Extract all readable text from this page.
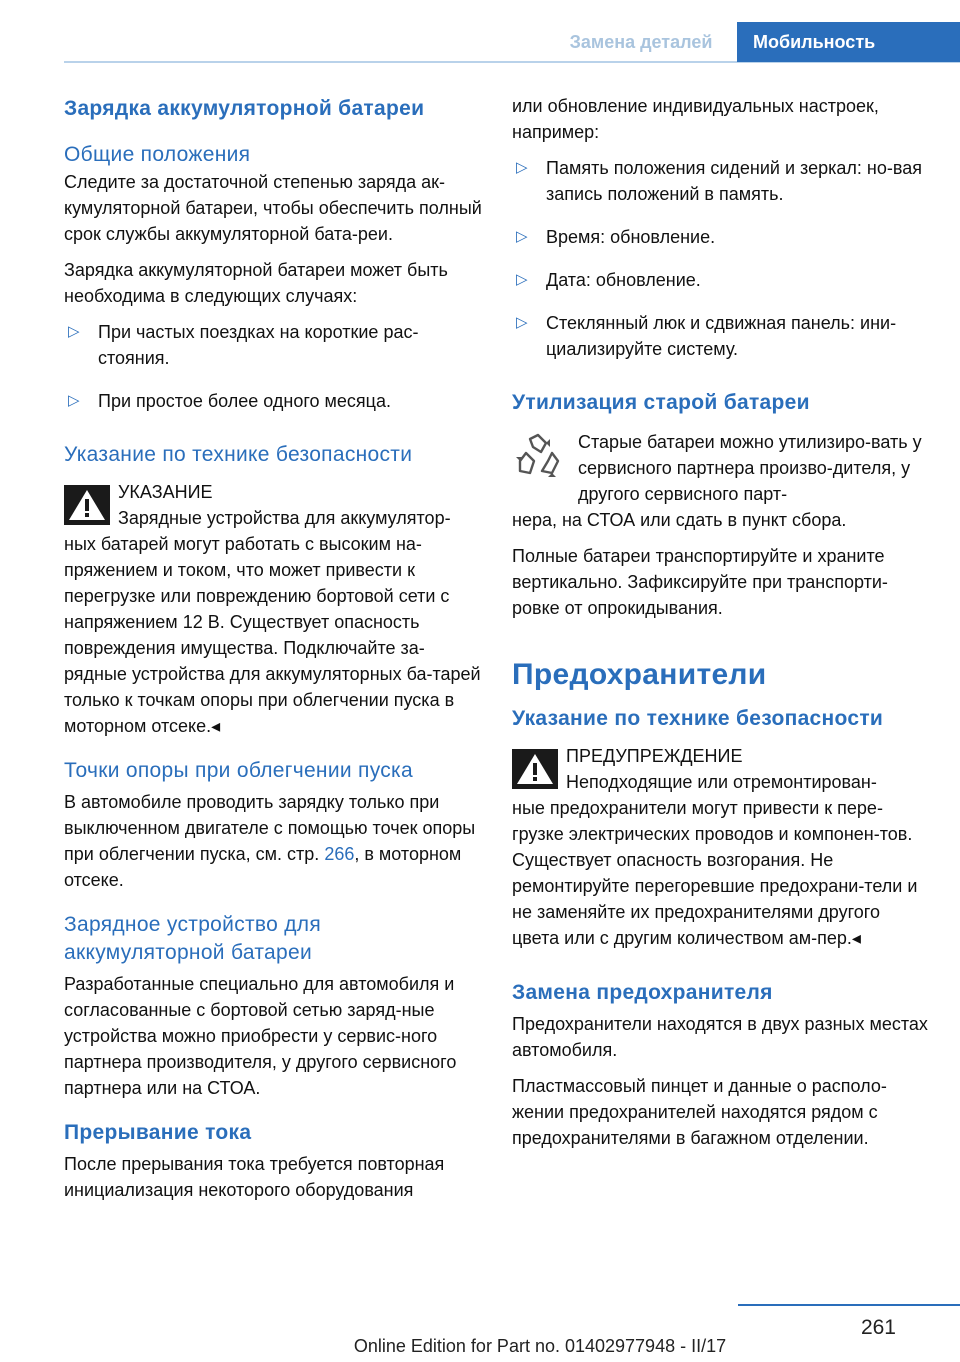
Замена деталей	Мобильность
Зарядка аккумуляторной батареи
Общие положения

Следите за достаточной степенью заряда ак-кумуляторной батареи, чтобы обеспечить полный срок службы аккумуляторной бата-реи.

Зарядка аккумуляторной батареи может быть необходима в следующих случаях:

▷ При частых поездках на короткие рас-стояния.
▷ При простое более одного месяца.
Указание по технике безопасности

УКАЗАНИЕ

Зарядные устройства для аккумулятор-

ных батарей могут работать с высоким на-пряжением и током, что может привести к перегрузке или повреждению бортовой сети с напряжением 12 В. Существует опасность повреждения имущества. Подключайте за-рядные устройства для аккумуляторных ба-тарей только к точкам опоры при облегчении пуска в моторном отсеке.◂

Точки опоры при облегчении пуска

В автомобиле проводить зарядку только при выключенном двигателе с помощью точек опоры при облегчении пуска, см. стр. 266, в моторном отсеке.

Зарядное устройство для аккумуляторной батареи

Разработанные специально для автомобиля и согласованные с бортовой сетью заряд-ные устройства можно приобрести у сервис-ного партнера производителя, у другого сервисного партнера или на СТОА.

Прерывание тока

После прерывания тока требуется повторная инициализация некоторого оборудования

или обновление индивидуальных настроек, например:

▷ Память положения сидений и зеркал: но-вая запись положений в память.
▷ Время: обновление.
▷ Дата: обновление.
▷ Стеклянный люк и сдвижная панель: ини-циализируйте систему.
Утилизация старой батареи

Старые батареи можно утилизиро-вать у сервисного партнера произво-дителя, у другого сервисного парт-

нера, на СТОА или сдать в пункт сбора.

Полные батареи транспортируйте и храните вертикально. Зафиксируйте при транспорти-ровке от опрокидывания.

Предохранители
Указание по технике безопасности

ПРЕДУПРЕЖДЕНИЕ

Неподходящие или отремонтирован-

ные предохранители могут привести к пере-грузке электрических проводов и компонен-тов. Существует опасность возгорания. Не ремонтируйте перегоревшие предохрани-тели и не заменяйте их предохранителями другого цвета или с другим количеством ам-пер.◂

Замена предохранителя

Предохранители находятся в двух разных местах автомобиля.

Пластмассовый пинцет и данные о располо-жении предохранителей находятся рядом с предохранителями в багажном отделении.

261
Online Edition for Part no. 01402977948 - II/17
